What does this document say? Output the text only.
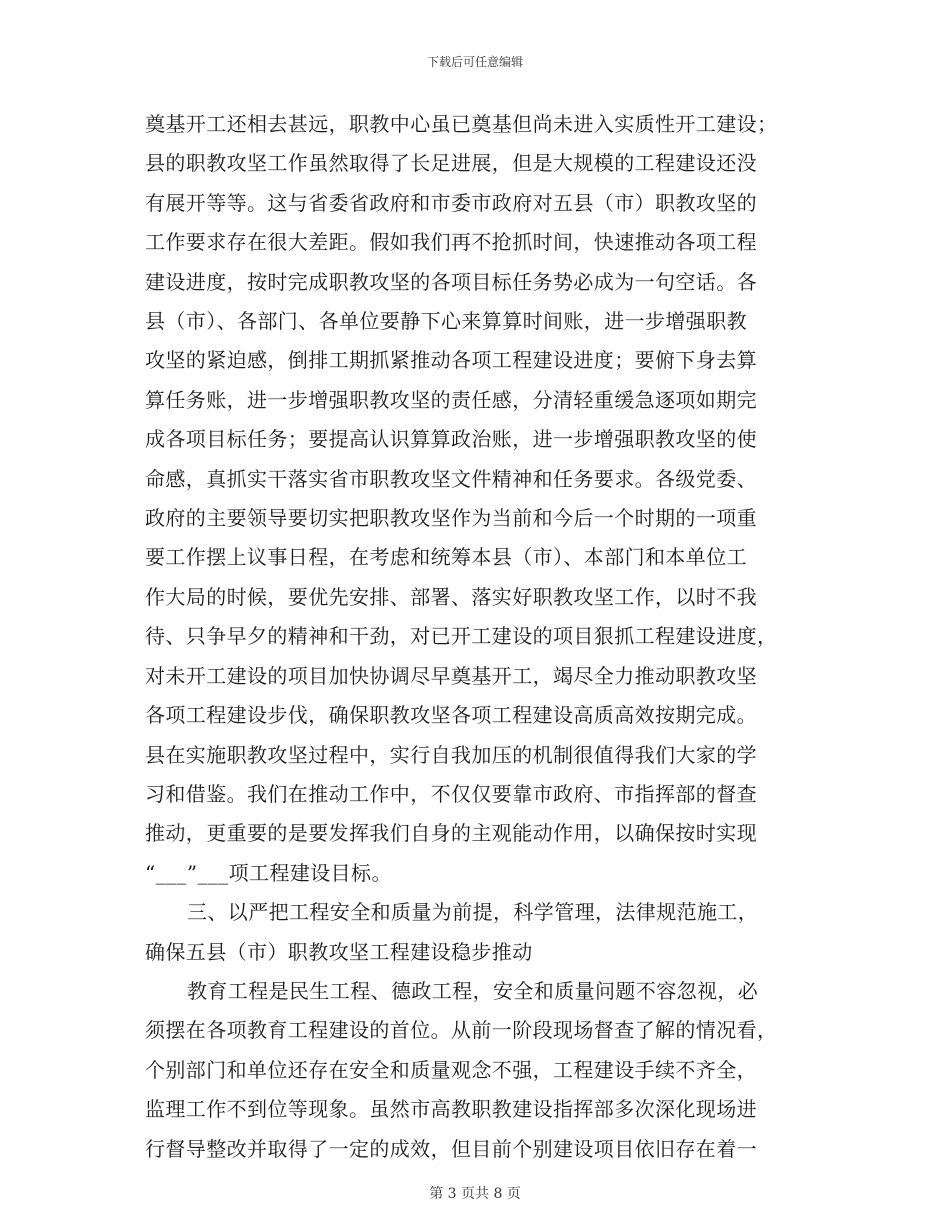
下载后可任意编辑
奠基开工还相去甚远，职教中心虽已奠基但尚未进入实质性开工建设；
县的职教攻坚工作虽然取得了长足进展，但是大规模的工程建设还没
有展开等等。这与省委省政府和市委市政府对五县（市）职教攻坚的
工作要求存在很大差距。假如我们再不抢抓时间，快速推动各项工程
建设进度，按时完成职教攻坚的各项目标任务势必成为一句空话。各
县（市）、各部门、各单位要静下心来算算时间账，进一步增强职教
攻坚的紧迫感，倒排工期抓紧推动各项工程建设进度；要俯下身去算
算任务账，进一步增强职教攻坚的责任感，分清轻重缓急逐项如期完
成各项目标任务；要提高认识算算政治账，进一步增强职教攻坚的使
命感，真抓实干落实省市职教攻坚文件精神和任务要求。各级党委、
政府的主要领导要切实把职教攻坚作为当前和今后一个时期的一项重
要工作摆上议事日程，在考虑和统筹本县（市）、本部门和本单位工
作大局的时候，要优先安排、部署、落实好职教攻坚工作，以时不我
待、只争早夕的精神和干劲，对已开工建设的项目狠抓工程建设进度，
对未开工建设的项目加快协调尽早奠基开工，竭尽全力推动职教攻坚
各项工程建设步伐，确保职教攻坚各项工程建设高质高效按期完成。
县在实施职教攻坚过程中，实行自我加压的机制很值得我们大家的学
习和借鉴。我们在推动工作中，不仅仅要靠市政府、市指挥部的督查
推动，更重要的是要发挥我们自身的主观能动作用，以确保按时实现
“___”___项工程建设目标。
三、以严把工程安全和质量为前提，科学管理，法律规范施工，
确保五县（市）职教攻坚工程建设稳步推动
教育工程是民生工程、德政工程，安全和质量问题不容忽视，必
须摆在各项教育工程建设的首位。从前一阶段现场督查了解的情况看，
个别部门和单位还存在安全和质量观念不强，工程建设手续不齐全，
监理工作不到位等现象。虽然市高教职教建设指挥部多次深化现场进
行督导整改并取得了一定的成效，但目前个别建设项目依旧存在着一
第 3 页共 8 页
